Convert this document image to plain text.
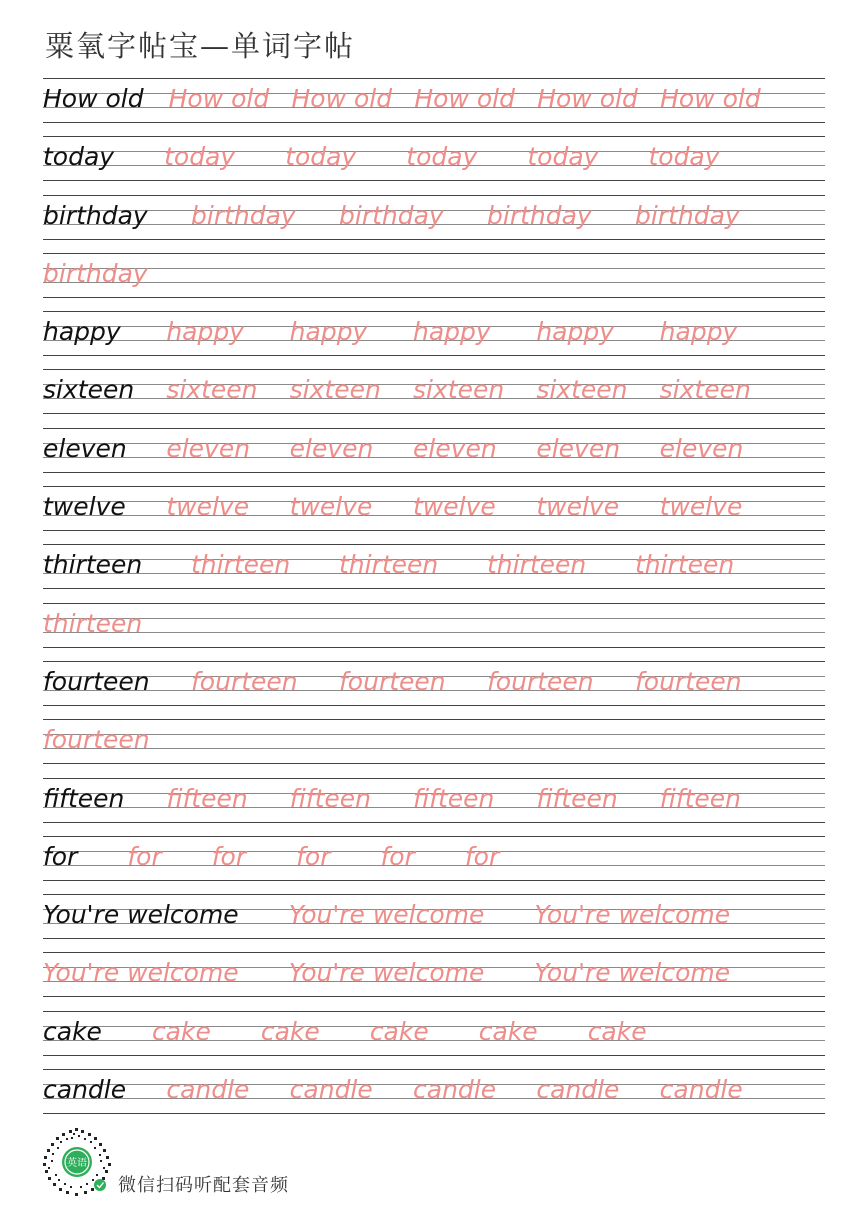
粟氧字帖宝—单词字帖
How old How old How old How old How old How old
today today today today today today
birthday birthday birthday birthday birthday
birthday
happy happy happy happy happy happy
sixteen sixteen sixteen sixteen sixteen sixteen
eleven eleven eleven eleven eleven eleven
twelve twelve twelve twelve twelve twelve
thirteen thirteen thirteen thirteen thirteen
thirteen
fourteen fourteen fourteen fourteen fourteen
fourteen
fifteen fifteen fifteen fifteen fifteen fifteen
for for for for for for
You're welcome You're welcome You're welcome
You're welcome You're welcome You're welcome
cake cake cake cake cake cake
candle candle candle candle candle candle
英语
微信扫码听配套音频
